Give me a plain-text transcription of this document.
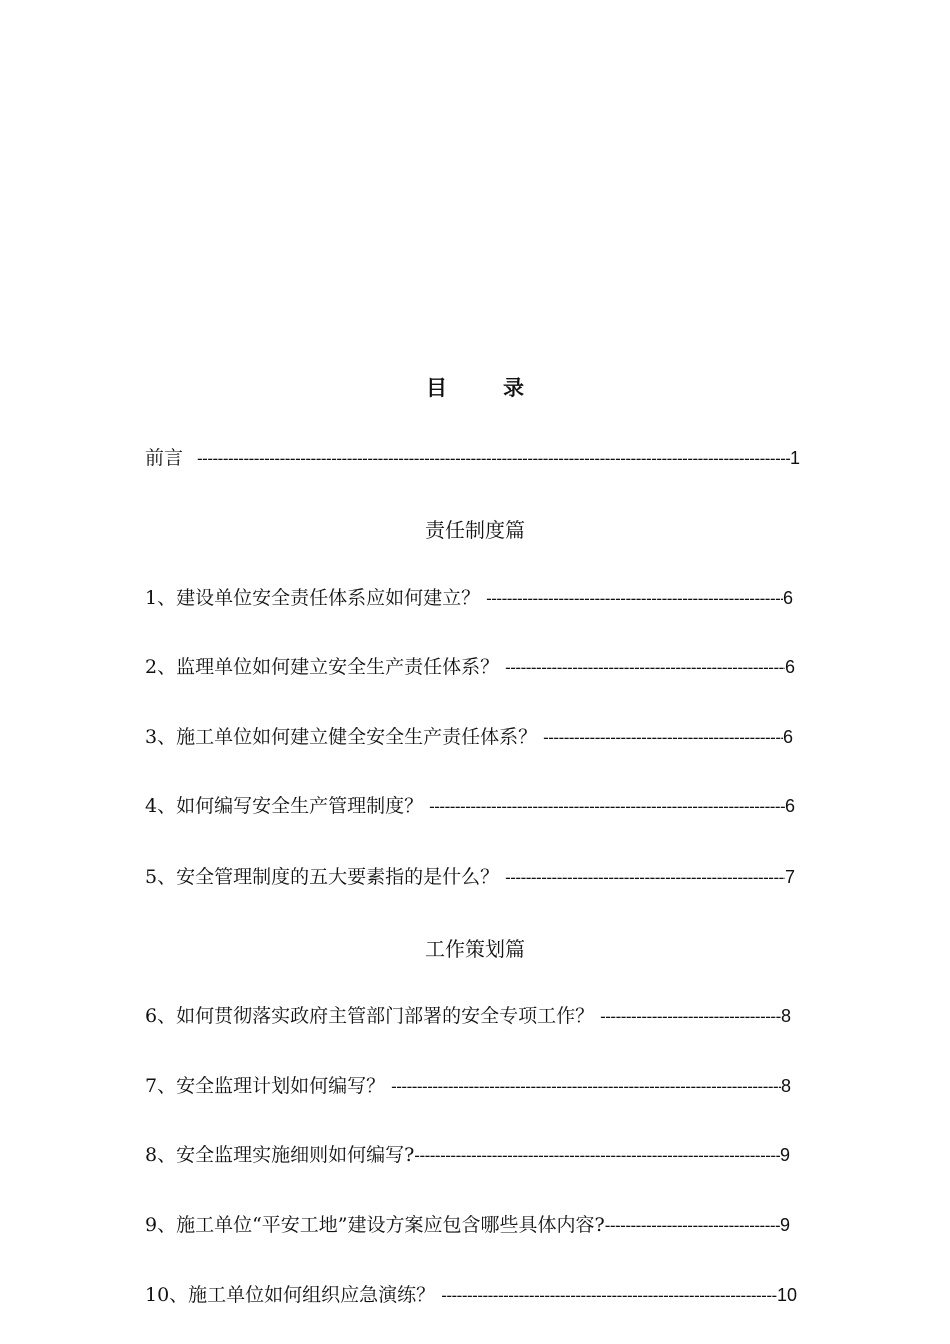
目	录
前言 -----	1
责任制度篇
1、建设单位安全责任体系应如何建立？ -----	6
2、监理单位如何建立安全生产责任体系？ -----	6
3、施工单位如何建立健全安全生产责任体系？ -----	6
4、如何编写安全生产管理制度？ -----	6
5、安全管理制度的五大要素指的是什么？ -----	7
工作策划篇
6、如何贯彻落实政府主管部门部署的安全专项工作？ -----	8
7、安全监理计划如何编写？ -----	8
8、安全监理实施细则如何编写? -----	9
9、施工单位“平安工地”建设方案应包含哪些具体内容? -----	9
10、施工单位如何组织应急演练？ -----	10
